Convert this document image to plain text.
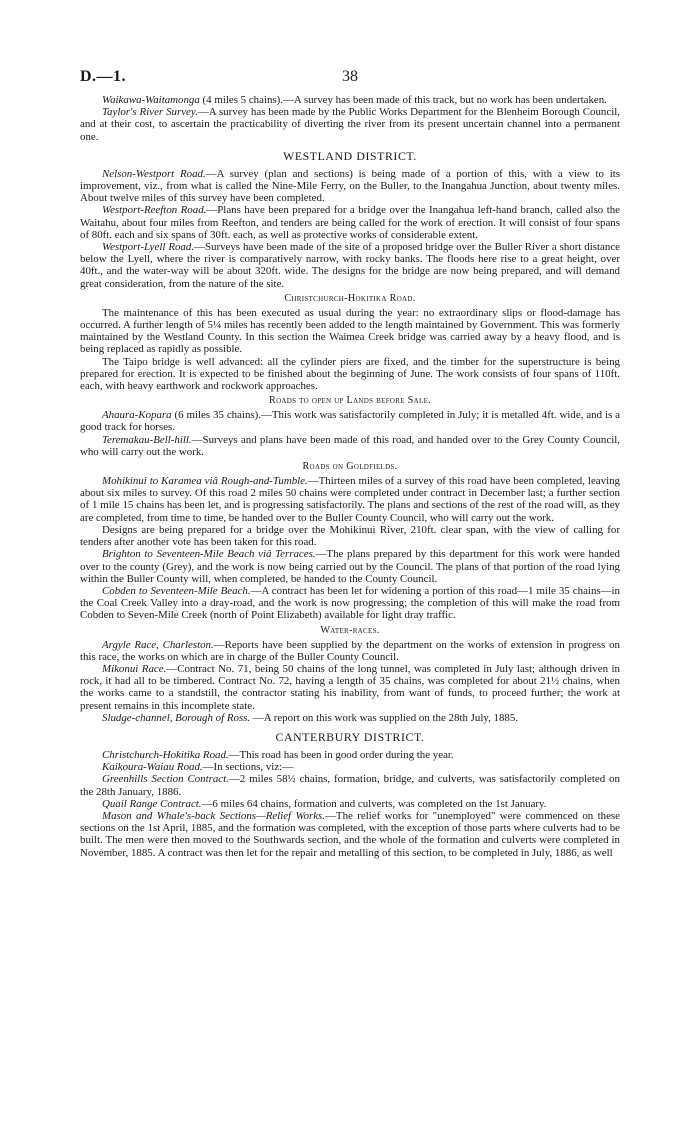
D.—1.	38

Waikawa-Waitamonga (4 miles 5 chains).—A survey has been made of this track, but no work has been undertaken.

Taylor's River Survey.—A survey has been made by the Public Works Department for the Blenheim Borough Council, and at their cost, to ascertain the practicability of diverting the river from its present uncertain channel into a permanent one.

WESTLAND DISTRICT.

Nelson-Westport Road.—A survey (plan and sections) is being made of a portion of this, with a view to its improvement, viz., from what is called the Nine-Mile Ferry, on the Buller, to the Inangahua Junction, about twenty miles. About twelve miles of this survey have been completed.

Westport-Reefton Road.—Plans have been prepared for a bridge over the Inangahua left-hand branch, called also the Waitahu, about four miles from Reefton, and tenders are being called for the work of erection. It will consist of four spans of 80ft. each and six spans of 30ft. each, as well as protective works of considerable extent.

Westport-Lyell Road.—Surveys have been made of the site of a proposed bridge over the Buller River a short distance below the Lyell, where the river is comparatively narrow, with rocky banks. The floods here rise to a great height, over 40ft., and the water-way will be about 320ft. wide. The designs for the bridge are now being prepared, and will demand great consideration, from the nature of the site.

Christchurch-Hokitika Road.

The maintenance of this has been executed as usual during the year: no extraordinary slips or flood-damage has occurred. A further length of 5¼ miles has recently been added to the length maintained by Government. This was formerly maintained by the Westland County. In this section the Waimea Creek bridge was carried away by a heavy flood, and is being replaced as rapidly as possible.

The Taipo bridge is well advanced: all the cylinder piers are fixed, and the timber for the superstructure is being prepared for erection. It is expected to be finished about the beginning of June. The work consists of four spans of 110ft. each, with heavy earthwork and rockwork approaches.

Roads to open up Lands before Sale.

Ahaura-Kopara (6 miles 35 chains).—This work was satisfactorily completed in July; it is metalled 4ft. wide, and is a good track for horses.

Teremakau-Bell-hill.—Surveys and plans have been made of this road, and handed over to the Grey County Council, who will carry out the work.

Roads on Goldfields.

Mohikinui to Karamea viâ Rough-and-Tumble.—Thirteen miles of a survey of this road have been completed, leaving about six miles to survey. Of this road 2 miles 50 chains were completed under contract in December last; a further section of 1 mile 15 chains has been let, and is progressing satisfactorily. The plans and sections of the rest of the road will, as they are completed, from time to time, be handed over to the Buller County Council, who will carry out the work.

Designs are being prepared for a bridge over the Mohikinui River, 210ft. clear span, with the view of calling for tenders after another vote has been taken for this road.

Brighton to Seventeen-Mile Beach viâ Terraces.—The plans prepared by this department for this work were handed over to the county (Grey), and the work is now being carried out by the Council. The plans of that portion of the road lying within the Buller County will, when completed, be handed to the County Council.

Cobden to Seventeen-Mile Beach.—A contract has been let for widening a portion of this road—1 mile 35 chains—in the Coal Creek Valley into a dray-road, and the work is now progressing; the completion of this will make the road from Cobden to Seven-Mile Creek (north of Point Elizabeth) available for light dray traffic.

Water-races.

Argyle Race, Charleston.—Reports have been supplied by the department on the works of extension in progress on this race, the works on which are in charge of the Buller County Council.

Mikonui Race.—Contract No. 71, being 50 chains of the long tunnel, was completed in July last; although driven in rock, it had all to be timbered. Contract No. 72, having a length of 35 chains, was completed for about 21½ chains, when the works came to a standstill, the contractor stating his inability, from want of funds, to proceed further; the work at present remains in this incomplete state.

Sludge-channel, Borough of Ross. —A report on this work was supplied on the 28th July, 1885.

CANTERBURY DISTRICT.

Christchurch-Hokitika Road.—This road has been in good order during the year.

Kaikoura-Waiau Road.—In sections, viz:—

Greenhills Section Contract.—2 miles 58½ chains, formation, bridge, and culverts, was satisfactorily completed on the 28th January, 1886.

Quail Range Contract.—6 miles 64 chains, formation and culverts, was completed on the 1st January.

Mason and Whale's-back Sections—Relief Works.—The relief works for "unemployed" were commenced on these sections on the 1st April, 1885, and the formation was completed, with the exception of those parts where culverts had to be built. The men were then moved to the Southwards section, and the whole of the formation and culverts were completed in November, 1885. A contract was then let for the repair and metalling of this section, to be completed in July, 1886, as well
